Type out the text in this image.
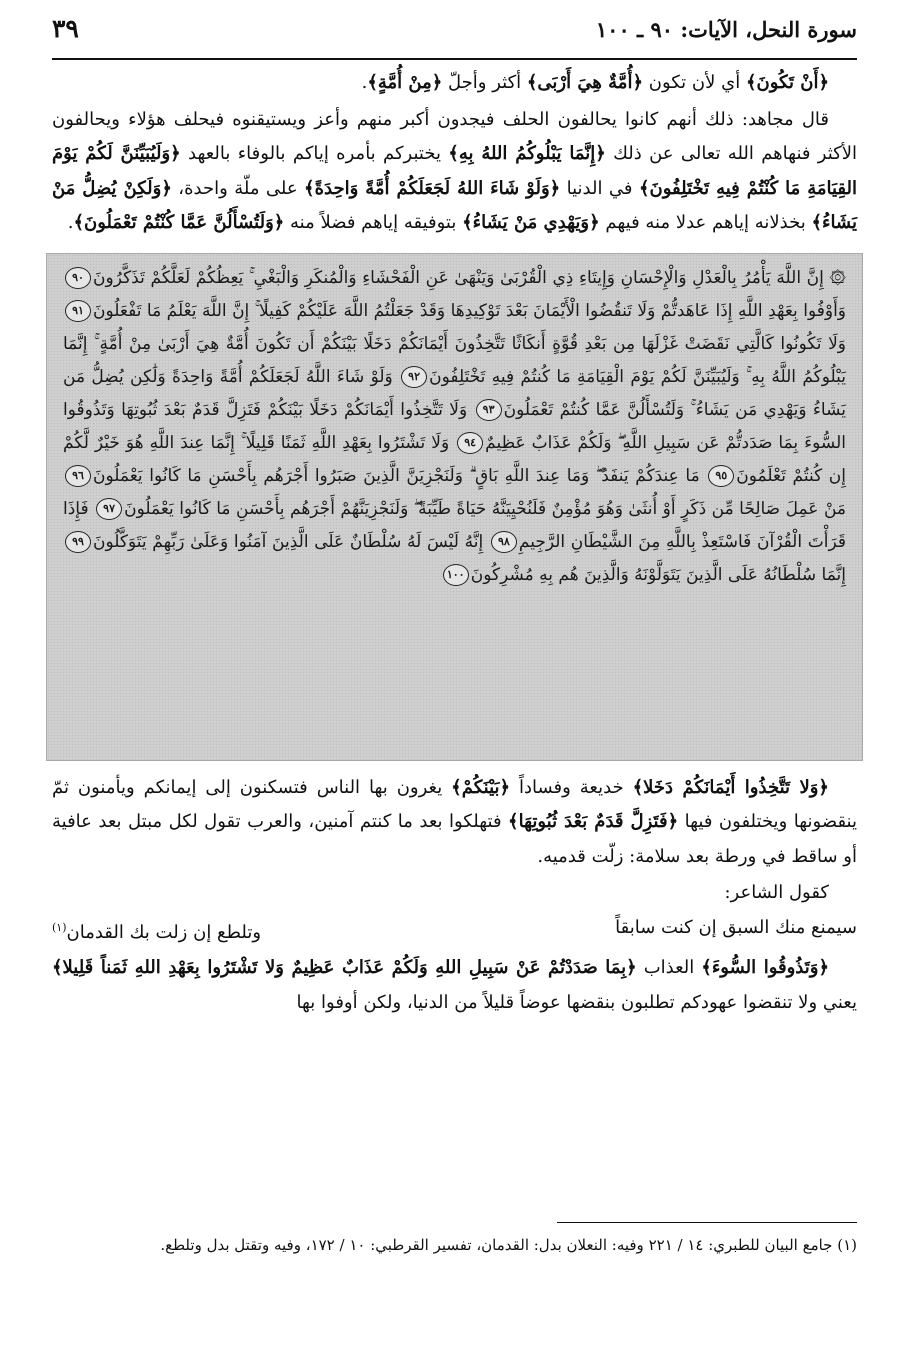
سورة النحل، الآيات: ٩٠ ـ ١٠٠
٣٩

﴿أَنْ تَكُونَ﴾ أي لأن تكون ﴿أُمَّةٌ هِيَ أَرْبَى﴾ أكثر وأجلّ ﴿مِنْ أُمَّةٍ﴾.

قال مجاهد: ذلك أنهم كانوا يحالفون الحلف فيجدون أكبر منهم وأعز ويستيقنوه فيحلف هؤلاء ويحالفون الأكثر فنهاهم الله تعالى عن ذلك ﴿إِنَّمَا يَبْلُوكُمُ اللهُ بِهِ﴾ يختبركم بأمره إياكم بالوفاء بالعهد ﴿وَلَيُبَيِّنَنَّ لَكُمْ يَوْمَ القِيَامَةِ مَا كُنْتُمْ فِيهِ تَخْتَلِفُونَ﴾ في الدنيا ﴿وَلَوْ شَاءَ اللهُ لَجَعَلَكُمْ أُمَّةً وَاحِدَةً﴾ على ملّة واحدة، ﴿وَلَكِنْ يُضِلُّ مَنْ يَشَاءُ﴾ بخذلانه إياهم عدلا منه فيهم ﴿وَيَهْدِي مَنْ يَشَاءُ﴾ بتوفيقه إياهم فضلاً منه ﴿وَلَتُسْأَلُنَّ عَمَّا كُنْتُمْ تَعْمَلُونَ﴾.

۞ إِنَّ اللَّهَ يَأْمُرُ بِالْعَدْلِ وَالْإِحْسَانِ وَإِيتَاءِ ذِي الْقُرْبَىٰ وَيَنْهَىٰ عَنِ الْفَحْشَاءِ وَالْمُنكَرِ وَالْبَغْيِ ۚ يَعِظُكُمْ لَعَلَّكُمْ تَذَكَّرُونَ٩٠ وَأَوْفُوا بِعَهْدِ اللَّهِ إِذَا عَاهَدتُّمْ وَلَا تَنقُضُوا الْأَيْمَانَ بَعْدَ تَوْكِيدِهَا وَقَدْ جَعَلْتُمُ اللَّهَ عَلَيْكُمْ كَفِيلًا ۚ إِنَّ اللَّهَ يَعْلَمُ مَا تَفْعَلُونَ٩١ وَلَا تَكُونُوا كَالَّتِي نَقَضَتْ غَزْلَهَا مِن بَعْدِ قُوَّةٍ أَنكَاثًا تَتَّخِذُونَ أَيْمَانَكُمْ دَخَلًا بَيْنَكُمْ أَن تَكُونَ أُمَّةٌ هِيَ أَرْبَىٰ مِنْ أُمَّةٍ ۚ إِنَّمَا يَبْلُوكُمُ اللَّهُ بِهِ ۚ وَلَيُبَيِّنَنَّ لَكُمْ يَوْمَ الْقِيَامَةِ مَا كُنتُمْ فِيهِ تَخْتَلِفُونَ٩٢ وَلَوْ شَاءَ اللَّهُ لَجَعَلَكُمْ أُمَّةً وَاحِدَةً وَلَٰكِن يُضِلُّ مَن يَشَاءُ وَيَهْدِي مَن يَشَاءُ ۚ وَلَتُسْأَلُنَّ عَمَّا كُنتُمْ تَعْمَلُونَ٩٣ وَلَا تَتَّخِذُوا أَيْمَانَكُمْ دَخَلًا بَيْنَكُمْ فَتَزِلَّ قَدَمٌ بَعْدَ ثُبُوتِهَا وَتَذُوقُوا السُّوءَ بِمَا صَدَدتُّمْ عَن سَبِيلِ اللَّهِ ۖ وَلَكُمْ عَذَابٌ عَظِيمٌ٩٤ وَلَا تَشْتَرُوا بِعَهْدِ اللَّهِ ثَمَنًا قَلِيلًا ۚ إِنَّمَا عِندَ اللَّهِ هُوَ خَيْرٌ لَّكُمْ إِن كُنتُمْ تَعْلَمُونَ٩٥ مَا عِندَكُمْ يَنفَدُ ۖ وَمَا عِندَ اللَّهِ بَاقٍ ۗ وَلَنَجْزِيَنَّ الَّذِينَ صَبَرُوا أَجْرَهُم بِأَحْسَنِ مَا كَانُوا يَعْمَلُونَ٩٦ مَنْ عَمِلَ صَالِحًا مِّن ذَكَرٍ أَوْ أُنثَىٰ وَهُوَ مُؤْمِنٌ فَلَنُحْيِيَنَّهُ حَيَاةً طَيِّبَةً ۖ وَلَنَجْزِيَنَّهُمْ أَجْرَهُم بِأَحْسَنِ مَا كَانُوا يَعْمَلُونَ٩٧ فَإِذَا قَرَأْتَ الْقُرْآنَ فَاسْتَعِذْ بِاللَّهِ مِنَ الشَّيْطَانِ الرَّجِيمِ٩٨ إِنَّهُ لَيْسَ لَهُ سُلْطَانٌ عَلَى الَّذِينَ آمَنُوا وَعَلَىٰ رَبِّهِمْ يَتَوَكَّلُونَ٩٩ إِنَّمَا سُلْطَانُهُ عَلَى الَّذِينَ يَتَوَلَّوْنَهُ وَالَّذِينَ هُم بِهِ مُشْرِكُونَ١٠٠

﴿وَلا تَتَّخِذُوا أَيْمَانَكُمْ دَخَلا﴾ خديعة وفساداً ﴿بَيْنَكُمْ﴾ يغرون بها الناس فتسكنون إلى إيمانكم ويأمنون ثمّ ينقضونها ويختلفون فيها ﴿فَتَزِلَّ قَدَمٌ بَعْدَ ثُبُوتِهَا﴾ فتهلكوا بعد ما كنتم آمنين، والعرب تقول لكل مبتل بعد عافية أو ساقط في ورطة بعد سلامة: زلّت قدميه.

كقول الشاعر:
سيمنع منك السبق إن كنت سابقاً
وتلطع إن زلت بك القدمان$^{(١)}$

﴿وَتَذُوقُوا السُّوءَ﴾ العذاب ﴿بِمَا صَدَدْتُمْ عَنْ سَبِيلِ اللهِ وَلَكُمْ عَذَابٌ عَظِيمٌ وَلا تَشْتَرُوا بِعَهْدِ اللهِ ثَمَناً قَلِيلا﴾ يعني ولا تنقضوا عهودكم تطلبون بنقضها عوضاً قليلاً من الدنيا، ولكن أوفوا بها

(١) جامع البيان للطبري: ١٤ / ٢٢١ وفيه: النعلان بدل: القدمان، تفسير القرطبي: ١٠ / ١٧٢، وفيه وتقتل بدل وتلطع.
